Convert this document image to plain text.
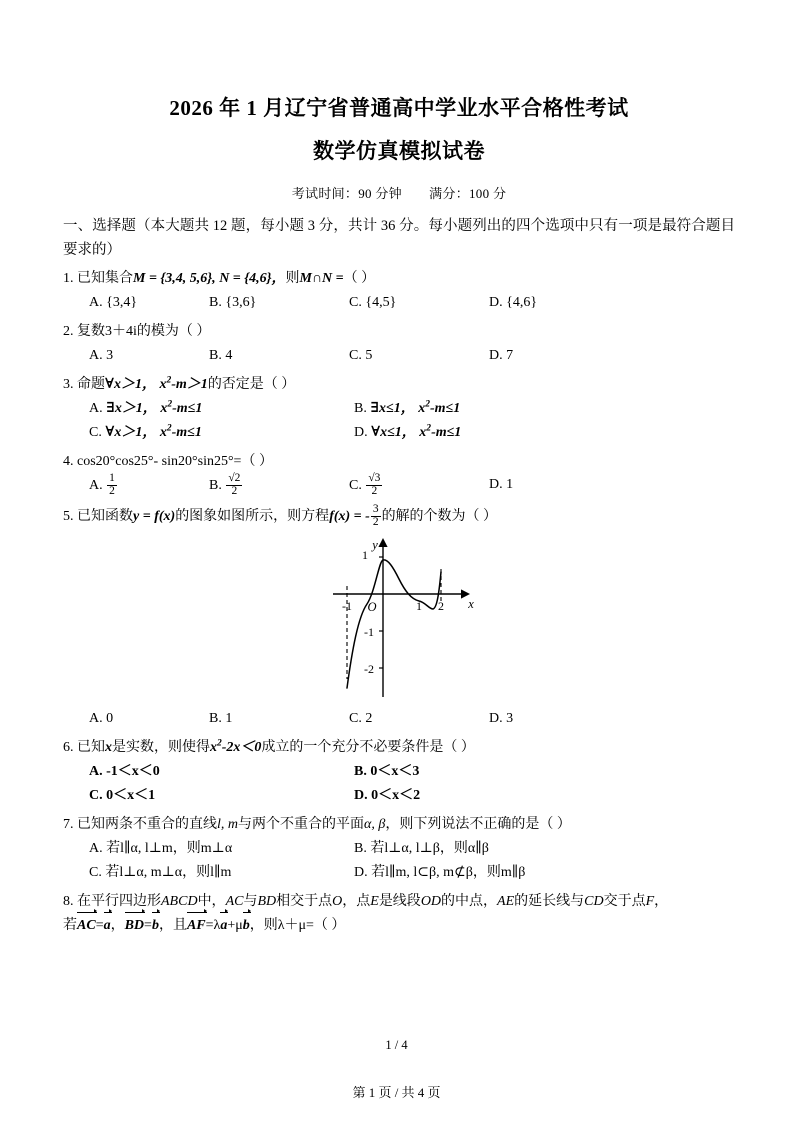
2026 年 1 月辽宁省普通高中学业水平合格性考试
数学仿真模拟试卷
考试时间：90 分钟 满分：100 分
一、选择题（本大题共 12 题，每小题 3 分，共计 36 分。每小题列出的四个选项中只有一项是最符合题目要求的）
1. 已知集合M = {3,4, 5,6}, N = {4,6}，则M∩N =（ ）
A. {3,4}	B. {3,6}	C. {4,5}	D. {4,6}
2. 复数3＋4i的模为（ ）
A. 3	B. 4	C. 5	D. 7
3. 命题∀x＞1， $x^2-m>1$的否定是（ ）
A. ∃x＞1， $x^2-m\le 1$	B. ∃x≤1， $x^2-m\le 1$
C. ∀x＞1， $x^2-m\le 1$	D. ∀x≤1， $x^2-m\le 1$
4. cos20°cos25°- sin20°sin25°=（ ）
A. $\frac{1}{2}$	B. $\frac{√2}{2}$	C. $\frac{√3}{2}$	D. 1
5. 已知函数y = f(x)的图象如图所示，则方程f(x) = - $\frac{3}{2}$ 的解的个数为（ ）
1
-1
-2
-1	1 2
O
y
x
A. 0	B. 1	C. 2	D. 3
6. 已知x是实数，则使得$x^2-2x<0$成立的一个充分不必要条件是（ ）
A. -1＜x＜0	B. 0＜x＜3
C. 0＜x＜1	D. 0＜x＜2
7. 已知两条不重合的直线l, m与两个不重合的平面α, β，则下列说法不正确的是（ ）
A. 若l∥α, l⊥m，则m⊥α	B. 若l⊥α, l⊥β，则α∥β
C. 若l⊥α, m⊥α，则l∥m	D. 若l∥m, l⊂β, m⊄β，则m∥β
8. 在平行四边形ABCD中，AC与BD相交于点O，点E是线段OD的中点，AE的延长线与CD交于点F，
若AC=a，BD=b，且AF=λa+μb，则λ＋μ=（ ）
1 / 4
第 1 页 / 共 4 页
